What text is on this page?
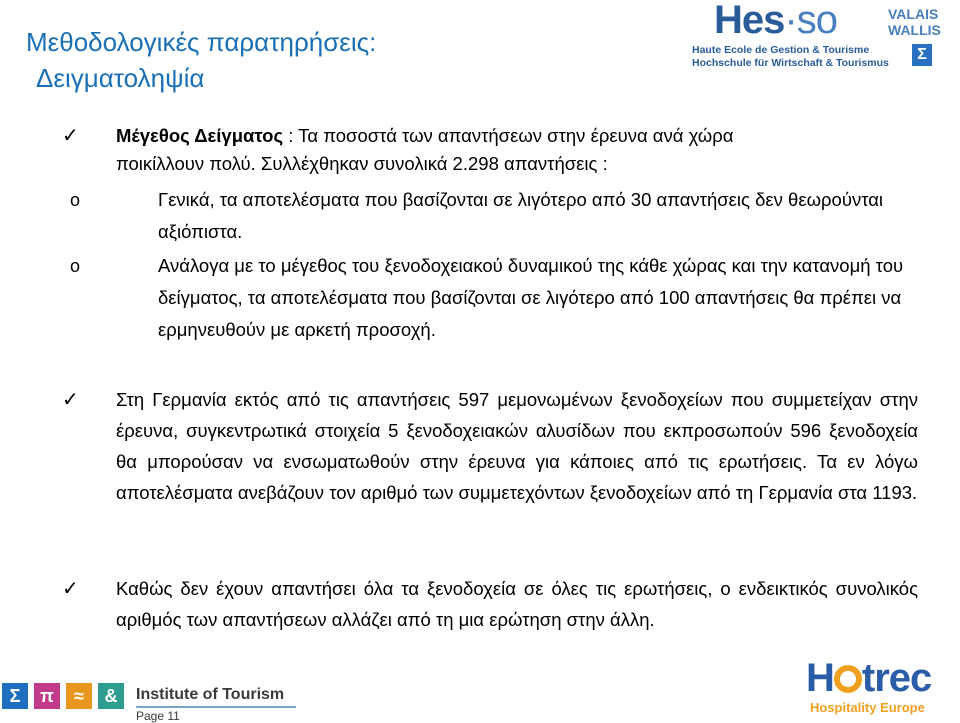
Μεθοδολογικές παρατηρήσεις:
Δειγματοληψία
Hes·so	VALAIS
WALLIS
Haute Ecole de Gestion & Tourisme
Hochschule für Wirtschaft & Tourismus	Σ
✓ Μέγεθος Δείγματος : Τα ποσοστά των απαντήσεων στην έρευνα ανά χώρα
ποικίλλουν πολύ. Συλλέχθηκαν συνολικά 2.298 απαντήσεις :
o	Γενικά, τα αποτελέσματα που βασίζονται σε λιγότερο από 30 απαντήσεις δεν θεωρούνται αξιόπιστα.
o	Ανάλογα με το μέγεθος του ξενοδοχειακού δυναμικού της κάθε χώρας και την κατανομή του δείγματος, τα αποτελέσματα που βασίζονται σε λιγότερο από 100 απαντήσεις θα πρέπει να ερμηνευθούν με αρκετή προσοχή.
✓ Στη Γερμανία εκτός από τις απαντήσεις 597 μεμονωμένων ξενοδοχείων που συμμετείχαν στην έρευνα, συγκεντρωτικά στοιχεία 5 ξενοδοχειακών αλυσίδων που εκπροσωπούν 596 ξενοδοχεία θα μπορούσαν να ενσωματωθούν στην έρευνα για κάποιες από τις ερωτήσεις. Τα εν λόγω αποτελέσματα ανεβάζουν τον αριθμό των συμμετεχόντων ξενοδοχείων από τη Γερμανία στα 1193.
✓ Καθώς δεν έχουν απαντήσει όλα τα ξενοδοχεία σε όλες τις ερωτήσεις, ο ενδεικτικός συνολικός αριθμός των απαντήσεων αλλάζει από τη μια ερώτηση στην άλλη.
Σ	π	≈	&	Institute of Tourism
Page 11
H trec
Hospitality Europe
